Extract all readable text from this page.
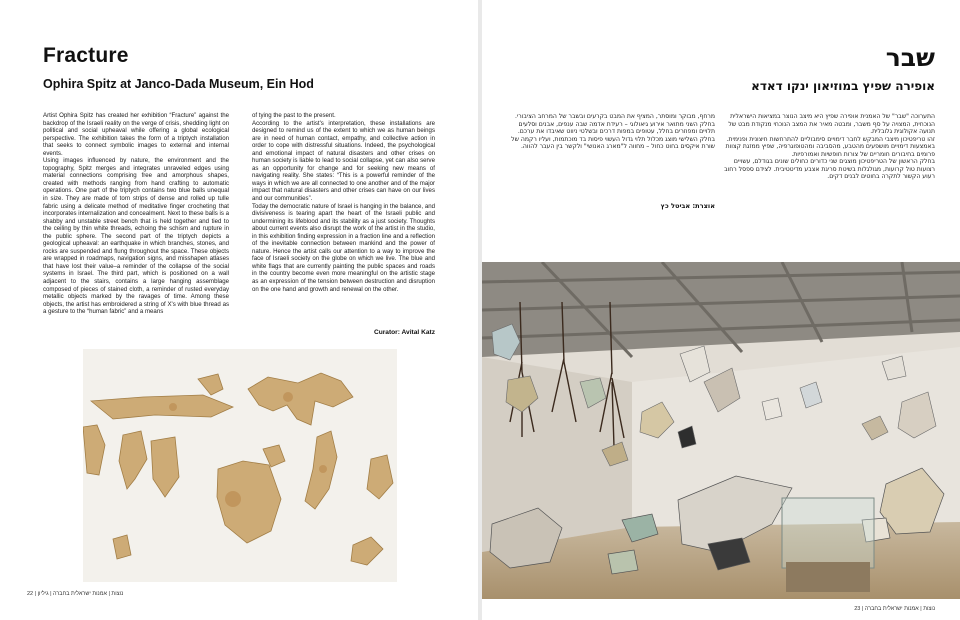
Fracture
Ophira Spitz at Janco-Dada Museum, Ein Hod

Artist Ophira Spitz has created her exhibition “Fracture” against the backdrop of the Israeli reality on the verge of crisis, shedding light on political and social upheaval while offering a global ecological perspective. The exhibition takes the form of a triptych installation that seeks to connect symbolic images to external and internal events.

Using images influenced by nature, the environment and the topography, Spitz merges and integrates unraveled edges using material connections comprising free and amorphous shapes, created with methods ranging from hand crafting to automatic operations. One part of the triptych contains two blue balls unequal in size. They are made of torn strips of dense and rolled up tulle fabric using a delicate method of meditative finger crocheting that incorporates internalization and concealment. Next to these balls is a shabby and unstable street bench that is held together and tied to the ceiling by thin white threads, echoing the schism and rupture in the public sphere. The second part of the triptych depicts a geological upheaval: an earthquake in which branches, stones, and rocks are suspended and flung throughout the space. These objects are wrapped in roadmaps, navigation signs, and misshapen atlases that have lost their value–a reminder of the collapse of the social systems in Israel. The third part, which is positioned on a wall adjacent to the stairs, contains a large hanging assemblage composed of pieces of stained cloth, a reminder of rusted everyday metallic objects marked by the ravages of time. Among these objects, the artist has embroidered a string of X's with blue thread as a gesture to the “human fabric” and a means

of tying the past to the present.

According to the artist's interpretation, these installations are designed to remind us of the extent to which we as human beings are in need of human contact, empathy, and collective action in order to cope with distressful situations. Indeed, the psychological and emotional impact of natural disasters and other crises on human society is liable to lead to social collapse, yet can also serve as an opportunity for change and for seeking new means of navigating reality. She states: “This is a powerful reminder of the ways in which we are all connected to one another and of the major impact that natural disasters and other crises can have on our lives and our communities”.

Today the democratic nature of Israel is hanging in the balance, and divisiveness is tearing apart the heart of the Israeli public and undermining its lifeblood and its stability as a just society. Thoughts about current events also disrupt the work of the artist in the studio, in this exhibition finding expression in a fraction line and a reflection of the inevitable connection between mankind and the power of nature. Hence the artist calls our attention to a way to improve the face of Israeli society on the globe on which we live. The blue and white flags that are currently painting the public spaces and roads in the country become even more meaningful on the artistic stage as an expression of the tension between destruction and disruption on the one hand and growth and renewal on the other.

Curator: Avital Katz
22 | נוצות | אמנות ישראלית בחברה | גיליון
שבר
אופירה שפיץ במוזיאון ינקו דאדא

התערוכה "שבר" של האמנית אופירה שפיץ היא מיצב הנוצר במציאות הישראלית הנוכחית, המצויה על סף משבר, ומבטה מאיר את המצב הנוכחי מנקודת מבט של תנועה אקולוגית גלובלית.

זהו טריפטיכון מיצבי המבקש לחבר דימויים סימבוליים להתרחשות חיצונית ופנימית. באמצעות דימויים מושפעים מהטבע, מהסביבה ומהטופוגרפיה, שפיץ ממזגת קצוות פרומים בחיבורים חומריים של צורות חופשיות ואמורפיות.

בחלק הראשון של הטריפטיכון מוצגים שני כדורים כחולים שונים בגודלם, עשויים רצועות טול קרועות, מגולגלות בשיטת סריגת אצבע מדיטטיבית. לצידם ספסל רחוב רעוע הקשור לתקרה בחוטים לבנים דקים.

מרחף, מבוקר ומוסתר, המציף את המבט בקרעים ובשבר של המרחב הציבורי. בחלק השני מתואר אירוע גיאולוגי – רעידת אדמה שבה ענפים, אבנים וסלעים תלויים ומפוזרים בחלל, עטופים במפות דרכים ובשלטי ניווט שאיבדו את ערכם.

בחלק השלישי מוצג מכלול תלוי גדול העשוי פיסות בד מוכתמות, ועליו רקמה של שורת איקסים בחוט כחול – מחווה ל"מארג האנושי" ולקשר בין העבר להווה.

אוצרת: אביטל כץ
נוצות | אמנות ישראלית בחברה | 23
